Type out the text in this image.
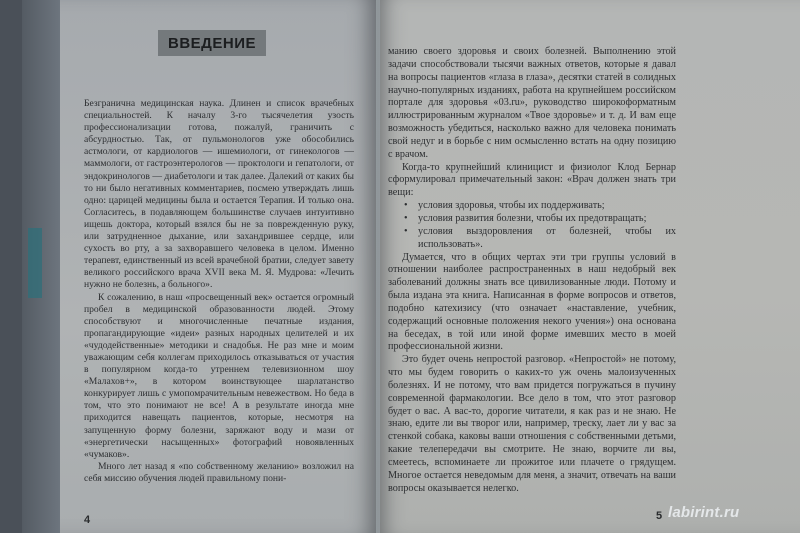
ВВЕДЕНИЕ

Безгранична медицинская наука. Длинен и список врачебных специальностей. К началу 3-го тысячелетия узость профессионализации готова, пожалуй, граничить с абсурдностью. Так, от пульмонологов уже обособились астмологи, от кардиологов — ишемиологи, от гинекологов — маммологи, от гастроэнтерологов — проктологи и гепатологи, от эндокринологов — диабетологи и так далее. Далекий от каких бы то ни было негативных комментариев, посмею утверждать лишь одно: царицей медицины была и остается Терапия. И только она. Согласитесь, в подавляющем большинстве случаев интуитивно ищешь доктора, который взялся бы не за поврежденную руку, или затрудненное дыхание, или захандрившее сердце, или сухость во рту, а за захворавшего человека в целом. Именно терапевт, единственный из всей врачебной братии, следует завету великого российского врача XVII века М. Я. Мудрова: «Лечить нужно не болезнь, а больного».

К сожалению, в наш «просвещенный век» остается огромный пробел в медицинской образованности людей. Этому способствуют и многочисленные печатные издания, пропагандирующие «идеи» разных народных целителей и их «чудодейственные» методики и снадобья. Не раз мне и моим уважающим себя коллегам приходилось отказываться от участия в популярном когда-то утреннем телевизионном шоу «Малахов+», в котором воинствующее шарлатанство конкурирует лишь с умопомрачительным невежеством. Но беда в том, что это понимают не все! А в результате иногда мне приходится навещать пациентов, которые, несмотря на запущенную форму болезни, заряжают воду и мази от «энергетически насыщенных» фотографий новоявленных «чумаков».

Много лет назад я «по собственному желанию» возложил на себя миссию обучения людей правильному пони-

манию своего здоровья и своих болезней. Выполнению этой задачи способствовали тысячи важных ответов, которые я давал на вопросы пациентов «глаза в глаза», десятки статей в солидных научно-популярных изданиях, работа на крупнейшем российском портале для здоровья «03.ru», руководство широкоформатным иллюстрированным журналом «Твое здоровье» и т. д. И вам еще возможность убедиться, насколько важно для человека понимать свой недуг и в борьбе с ним осмысленно встать на одну позицию с врачом.

Когда-то крупнейший клиницист и физиолог Клод Бернар сформулировал примечательный закон: «Врач должен знать три вещи:

• условия здоровья, чтобы их поддерживать;
• условия развития болезни, чтобы их предотвращать;
• условия выздоровления от болезней, чтобы их использовать».

Думается, что в общих чертах эти три группы условий в отношении наиболее распространенных в наш недобрый век заболеваний должны знать все цивилизованные люди. Потому и была издана эта книга. Написанная в форме вопросов и ответов, подобно катехизису (что означает «наставление, учебник, содержащий основные положения некого учения») она основана на беседах, в той или иной форме имевших место в моей профессиональной жизни.

Это будет очень непростой разговор. «Непростой» не потому, что мы будем говорить о каких-то уж очень малоизученных болезнях. И не потому, что вам придется погружаться в пучину современной фармакологии. Все дело в том, что этот разговор будет о вас. А вас-то, дорогие читатели, я как раз и не знаю. Не знаю, едите ли вы творог или, например, треску, лает ли у вас за стенкой собака, каковы ваши отношения с собственными детьми, какие телепередачи вы смотрите. Не знаю, ворчите ли вы, смеетесь, вспоминаете ли прожитое или плачете о грядущем. Многое остается неведомым для меня, а значит, отвечать на ваши вопросы оказывается нелегко.

4	5 labirint.ru
